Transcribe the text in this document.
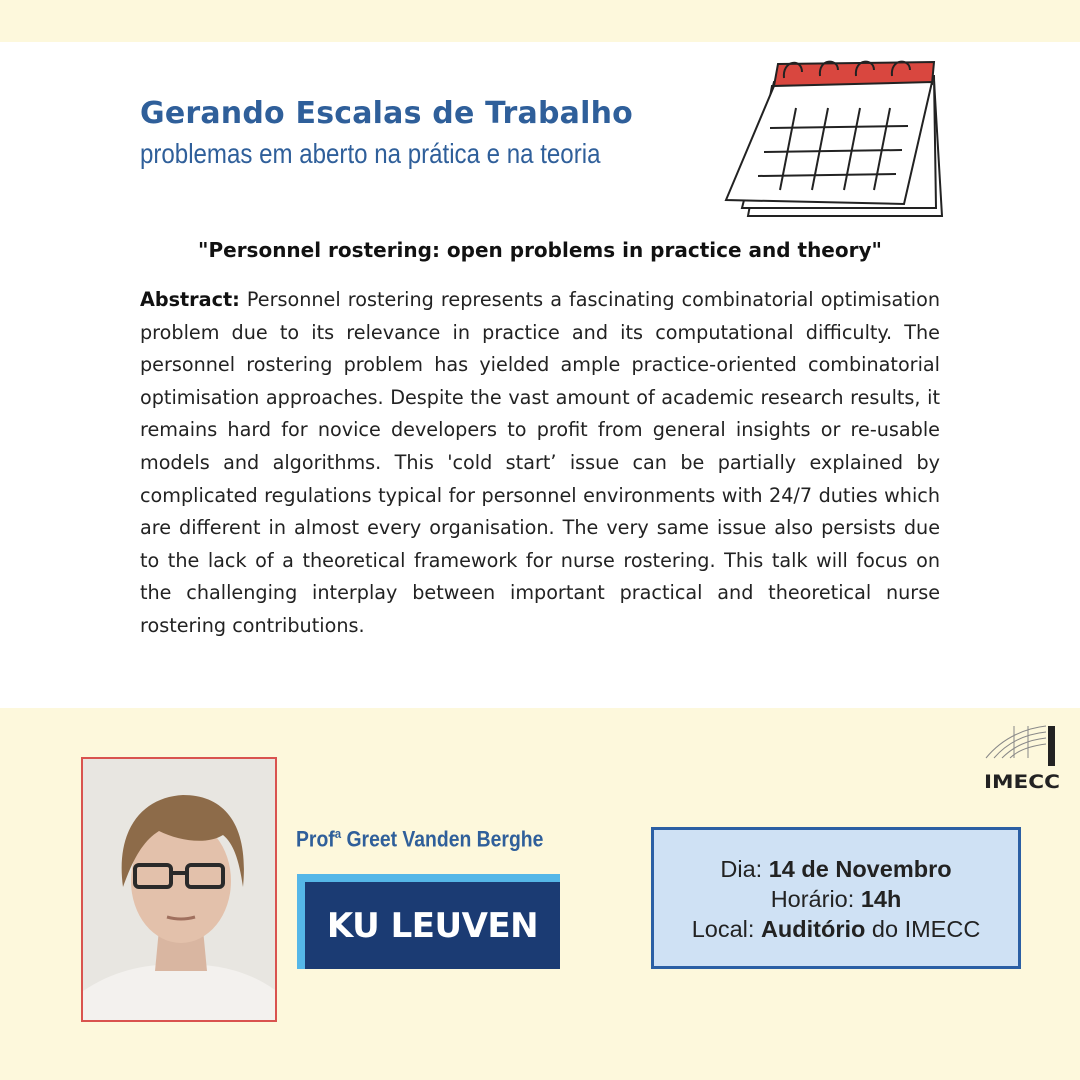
Gerando Escalas de Trabalho
problemas em aberto na prática e na teoria
"Personnel rostering: open problems in practice and theory"

Abstract: Personnel rostering represents a fascinating combinatorial optimisation problem due to its relevance in practice and its computational difficulty. The personnel rostering problem has yielded ample practice-oriented combinatorial optimisation approaches. Despite the vast amount of academic research results, it remains hard for novice developers to profit from general insights or re-usable models and algorithms. This 'cold start’ issue can be partially explained by complicated regulations typical for personnel environments with 24/7 duties which are different in almost every organisation. The very same issue also persists due to the lack of a theoretical framework for nurse rostering. This talk will focus on the challenging interplay between important practical and theoretical nurse rostering contributions.

Prof$^a$ Greet Vanden Berghe
KU LEUVEN
IMECC
Dia: 14 de Novembro
Horário: 14h
Local: Auditório do IMECC
